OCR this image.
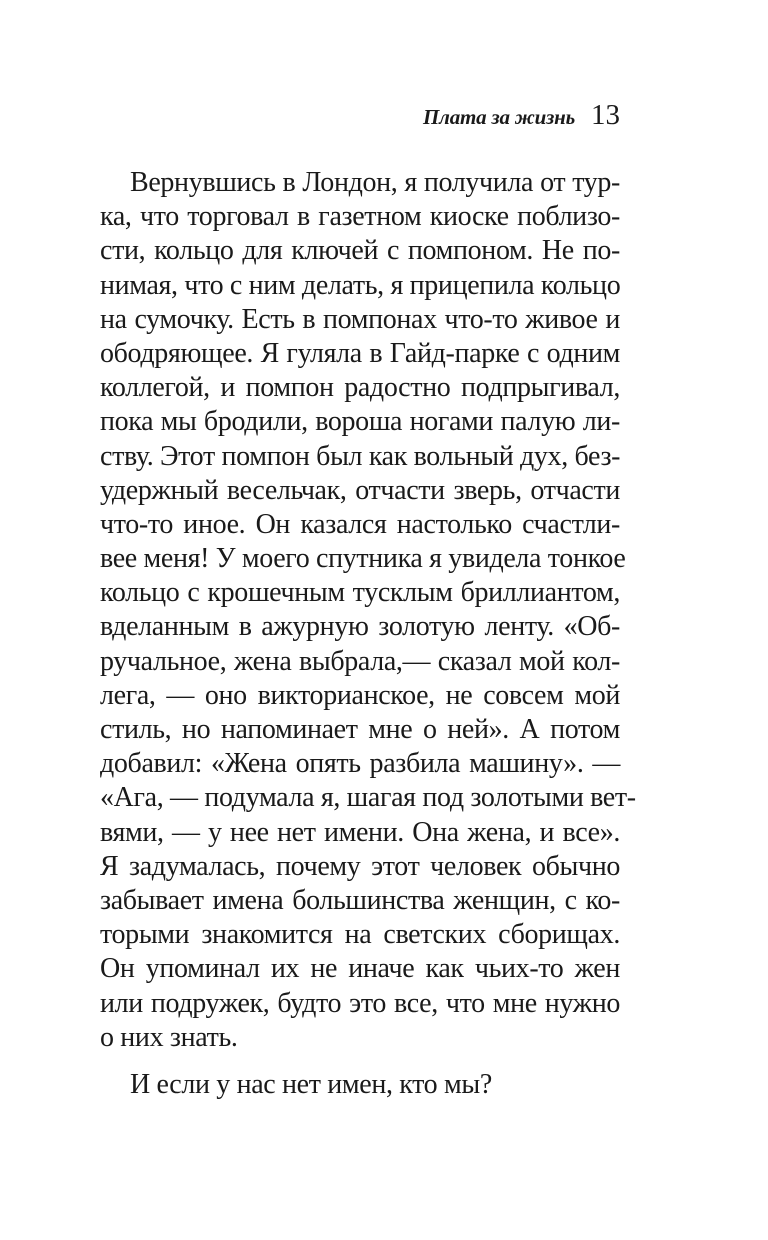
Плата за жизнь 13
Вернувшись в Лондон, я получила от тур-
ка, что торговал в газетном киоске поблизо-
сти, кольцо для ключей с помпоном. Не по-
нимая, что с ним делать, я прицепила кольцо
на сумочку. Есть в помпонах что-то живое и
ободряющее. Я гуляла в Гайд-парке с одним
коллегой, и помпон радостно подпрыгивал,
пока мы бродили, вороша ногами палую ли-
ству. Этот помпон был как вольный дух, без-
удержный весельчак, отчасти зверь, отчасти
что-то иное. Он казался настолько счастли-
вее меня! У моего спутника я увидела тонкое
кольцо с крошечным тусклым бриллиантом,
вделанным в ажурную золотую ленту. «Об-
ручальное, жена выбрала,— сказал мой кол-
лега, — оно викторианское, не совсем мой
стиль, но напоминает мне о ней». А потом
добавил: «Жена опять разбила машину». —
«Ага, — подумала я, шагая под золотыми вет-
вями, — у нее нет имени. Она жена, и все».
Я задумалась, почему этот человек обычно
забывает имена большинства женщин, с ко-
торыми знакомится на светских сборищах.
Он упоминал их не иначе как чьих-то жен
или подружек, будто это все, что мне нужно
о них знать.
И если у нас нет имен, кто мы?
